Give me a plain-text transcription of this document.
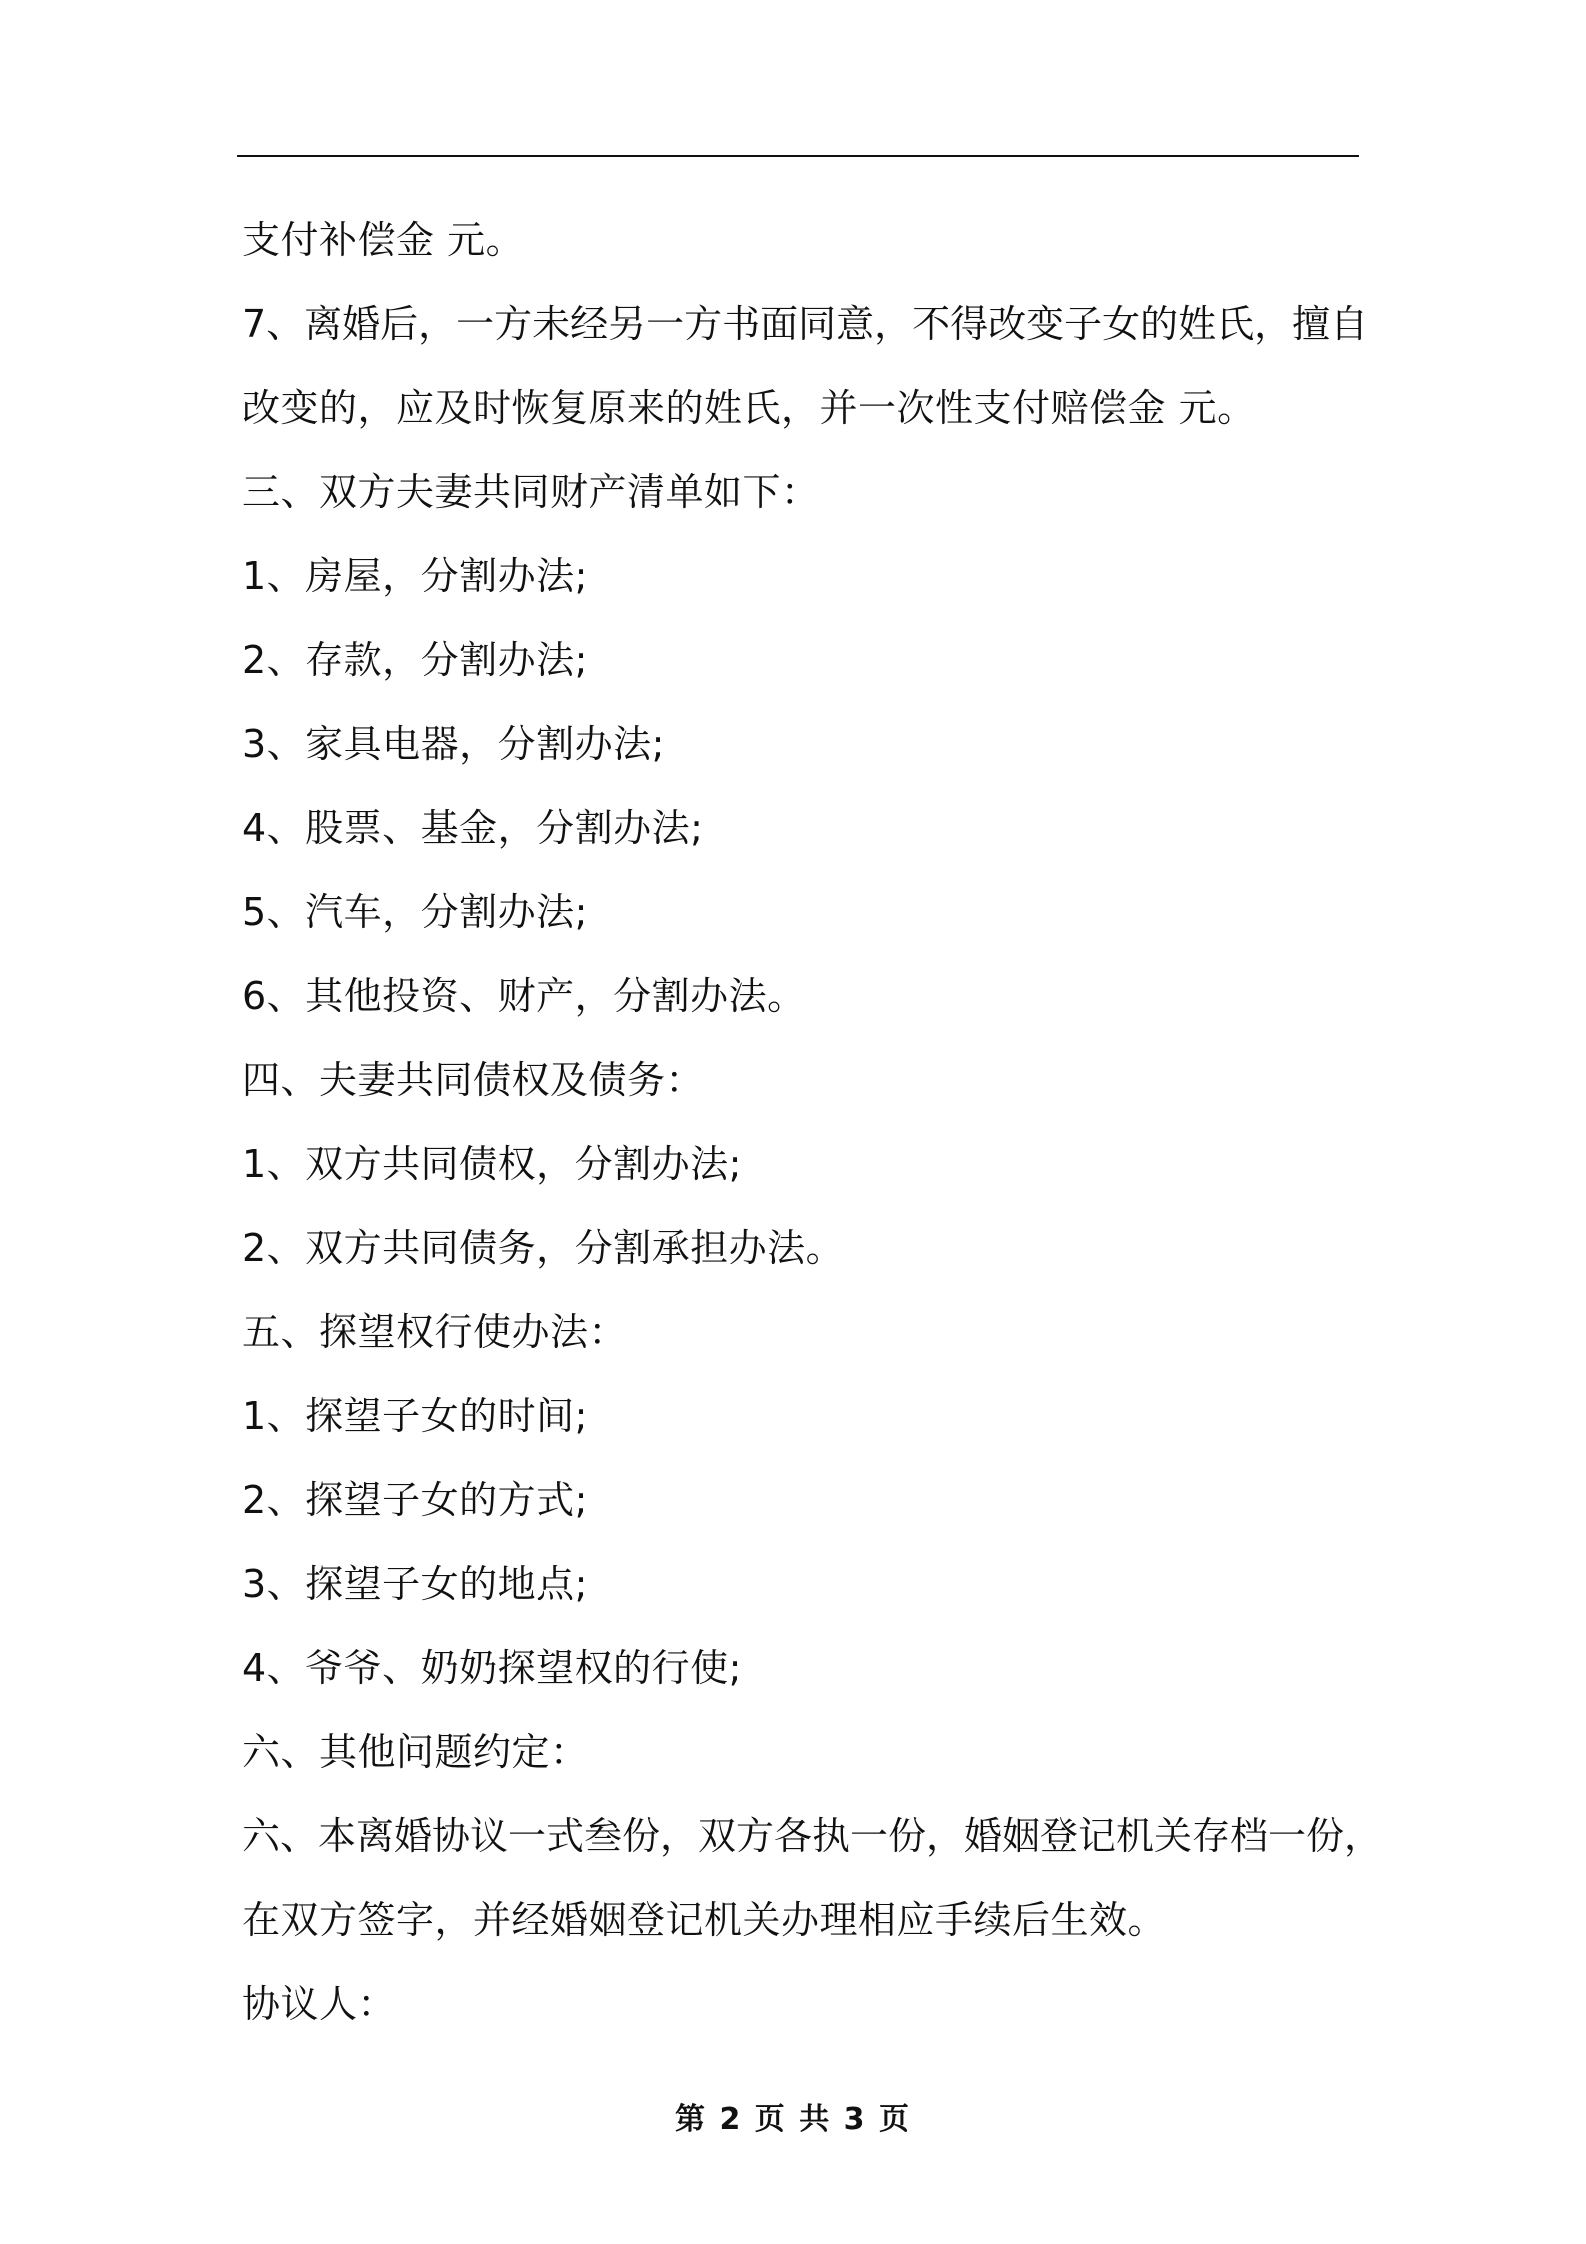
支付补偿金 元。
7、离婚后，一方未经另一方书面同意，不得改变子女的姓氏，擅自
改变的，应及时恢复原来的姓氏，并一次性支付赔偿金 元。
三、双方夫妻共同财产清单如下：
1、房屋，分割办法;
2、存款，分割办法;
3、家具电器，分割办法;
4、股票、基金，分割办法;
5、汽车，分割办法;
6、其他投资、财产，分割办法。
四、夫妻共同债权及债务：
1、双方共同债权，分割办法;
2、双方共同债务，分割承担办法。
五、探望权行使办法：
1、探望子女的时间;
2、探望子女的方式;
3、探望子女的地点;
4、爷爷、奶奶探望权的行使;
六、其他问题约定：
六、本离婚协议一式叁份，双方各执一份，婚姻登记机关存档一份，
在双方签字，并经婚姻登记机关办理相应手续后生效。
协议人：
第 2 页 共 3 页
